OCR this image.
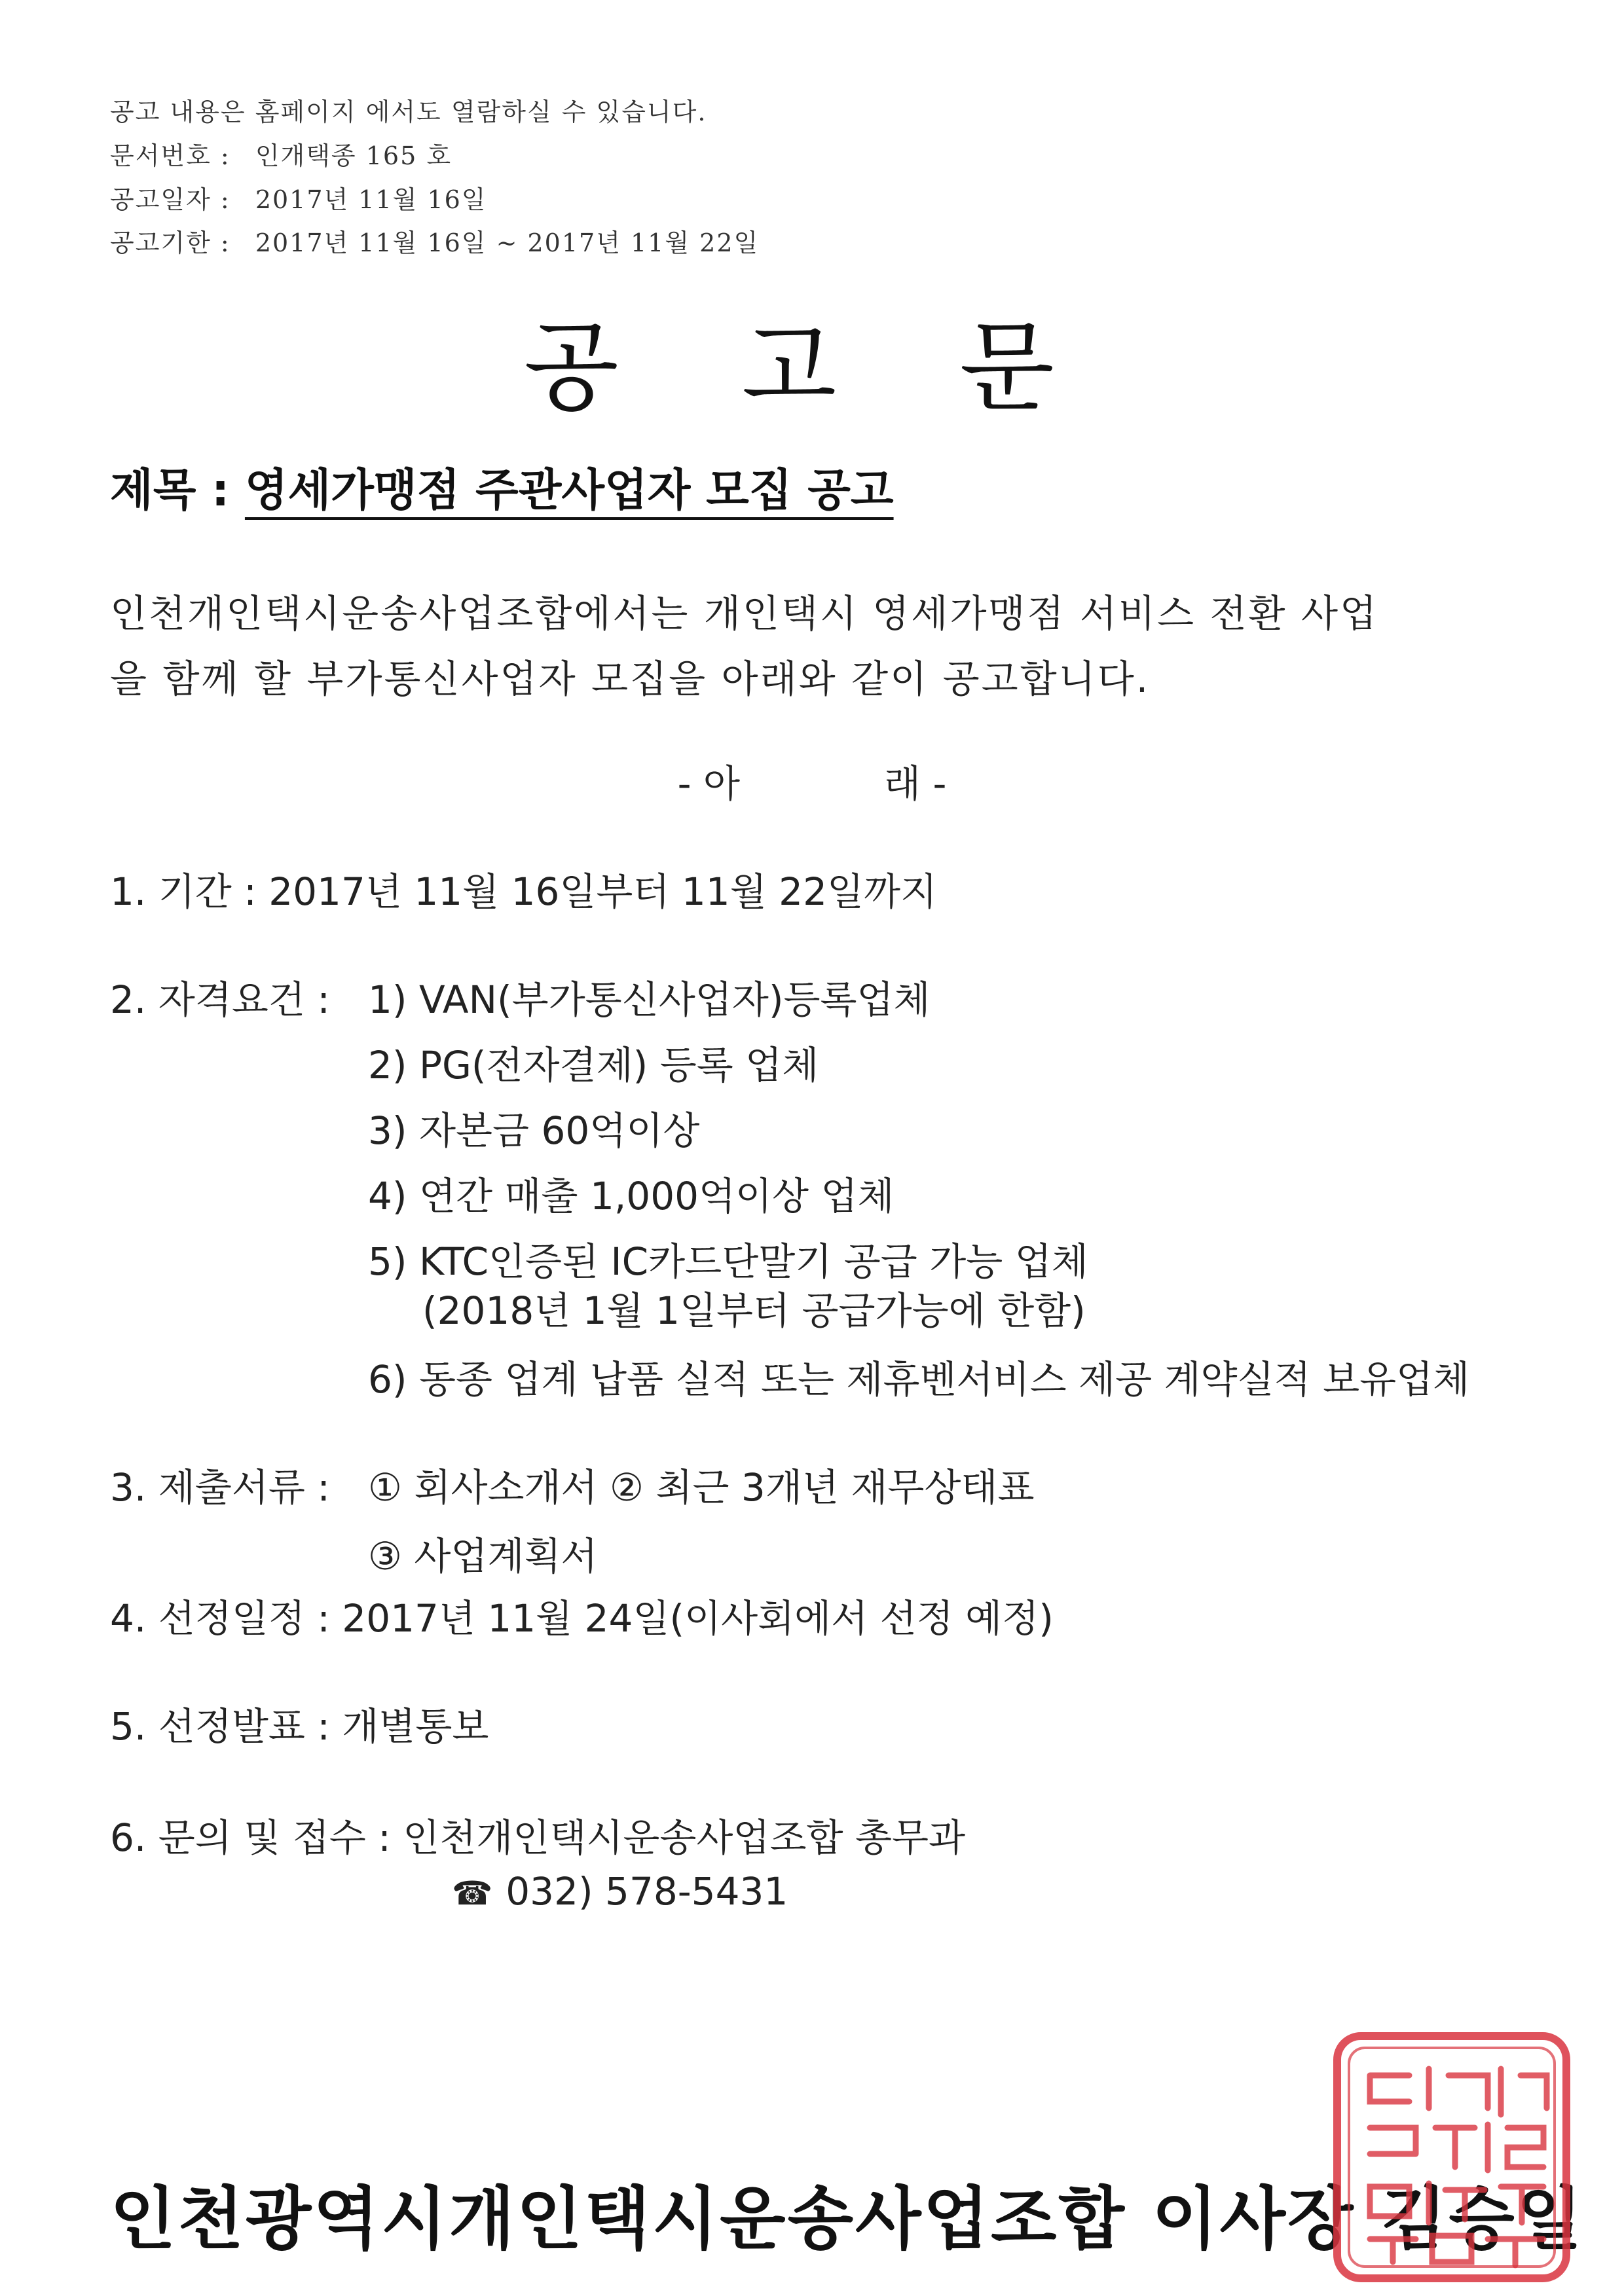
공고 내용은 홈페이지 에서도 열람하실 수 있습니다.

문서번호 : 인개택종 165 호

공고일자 : 2017년 11월 16일

공고기한 : 2017년 11월 16일 ~ 2017년 11월 22일

공 고 문

제목 : 영세가맹점 주관사업자 모집 공고

인천개인택시운송사업조합에서는 개인택시 영세가맹점 서비스 전환 사업

을 함께 할 부가통신사업자 모집을 아래와 같이 공고합니다.

- 아	래 -

1. 기간 : 2017년 11월 16일부터 11월 22일까지

2. 자격요건 : 1) VAN(부가통신사업자)등록업체

2) PG(전자결제) 등록 업체

3) 자본금 60억이상

4) 연간 매출 1,000억이상 업체

5) KTC인증된 IC카드단말기 공급 가능 업체

(2018년 1월 1일부터 공급가능에 한함)

6) 동종 업계 납품 실적 또는 제휴벤서비스 제공 계약실적 보유업체

3. 제출서류 : ① 회사소개서 ② 최근 3개년 재무상태표

③ 사업계획서

4. 선정일정 : 2017년 11월 24일(이사회에서 선정 예정)

5. 선정발표 : 개별통보

6. 문의 및 접수 : 인천개인택시운송사업조합 총무과

☎ 032) 578-5431

인천광역시개인택시운송사업조합 이사장 김승일
